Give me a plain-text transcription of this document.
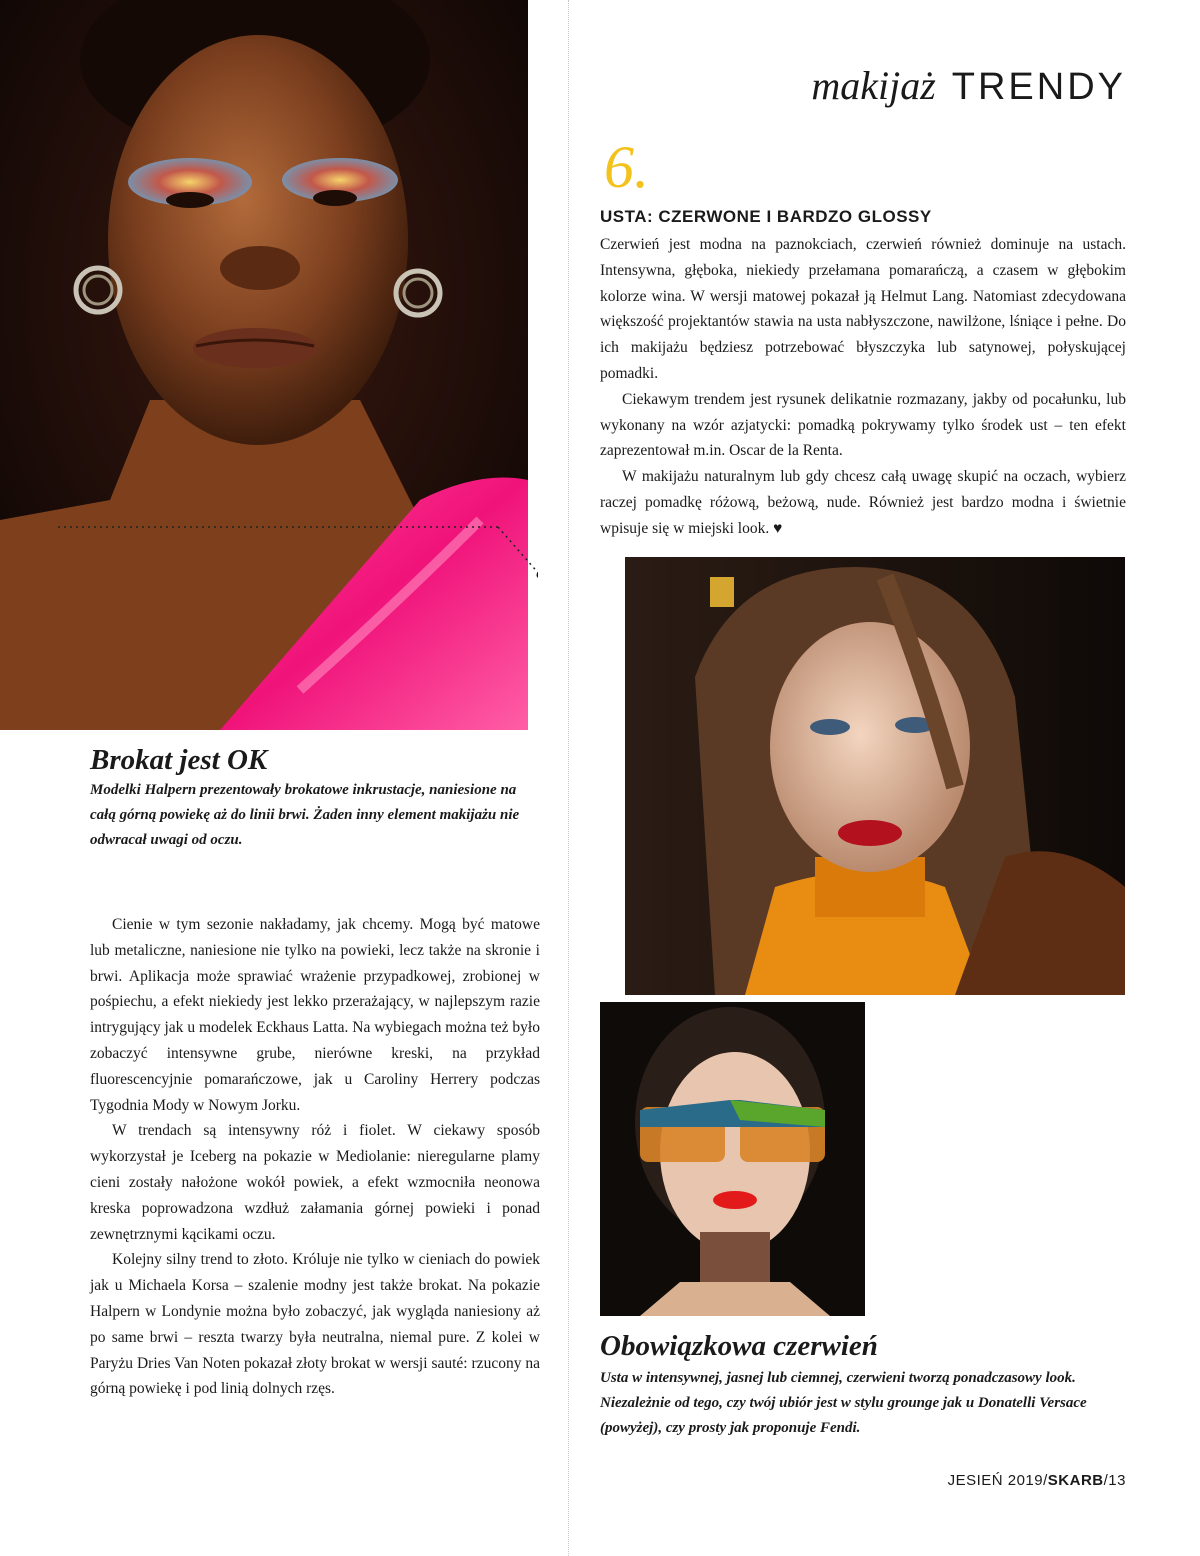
makijaż TRENDY
6.
USTA: CZERWONE I BARDZO GLOSSY

Czerwień jest modna na paznokciach, czerwień również dominuje na ustach. Intensywna, głęboka, niekiedy przełamana pomarańczą, a czasem w głębokim kolorze wina. W wersji matowej pokazał ją Helmut Lang. Natomiast zdecydowana większość projektantów stawia na usta nabłyszczone, nawilżone, lśniące i pełne. Do ich makijażu będziesz potrzebować błyszczyka lub satynowej, połyskującej pomadki.

Ciekawym trendem jest rysunek delikatnie rozmazany, jakby od pocałunku, lub wykonany na wzór azjatycki: pomadką pokrywamy tylko środek ust – ten efekt zaprezentował m.in. Oscar de la Renta.

W makijażu naturalnym lub gdy chcesz całą uwagę skupić na oczach, wybierz raczej pomadkę różową, beżową, nude. Również jest bardzo modna i świetnie wpisuje się w miejski look. ♥

Brokat jest OK
Modelki Halpern prezentowały brokatowe inkrustacje, naniesione na całą górną powiekę aż do linii brwi. Żaden inny element makijażu nie odwracał uwagi od oczu.

Cienie w tym sezonie nakładamy, jak chcemy. Mogą być matowe lub metaliczne, naniesione nie tylko na powieki, lecz także na skronie i brwi. Aplikacja może sprawiać wrażenie przypadkowej, zrobionej w pośpiechu, a efekt niekiedy jest lekko przerażający, w najlepszym razie intrygujący jak u modelek Eckhaus Latta. Na wybiegach można też było zobaczyć intensywne grube, nierówne kreski, na przykład fluorescencyjnie pomarańczowe, jak u Caroliny Herrery podczas Tygodnia Mody w Nowym Jorku.

W trendach są intensywny róż i fiolet. W ciekawy sposób wykorzystał je Iceberg na pokazie w Mediolanie: nieregularne plamy cieni zostały nałożone wokół powiek, a efekt wzmocniła neonowa kreska poprowadzona wzdłuż załamania górnej powieki i ponad zewnętrznymi kącikami oczu.

Kolejny silny trend to złoto. Króluje nie tylko w cieniach do powiek jak u Michaela Korsa – szalenie modny jest także brokat. Na pokazie Halpern w Londynie można było zobaczyć, jak wygląda naniesiony aż po same brwi – reszta twarzy była neutralna, niemal pure. Z kolei w Paryżu Dries Van Noten pokazał złoty brokat w wersji sauté: rzucony na górną powiekę i pod linią dolnych rzęs.

Obowiązkowa czerwień
Usta w intensywnej, jasnej lub ciemnej, czerwieni tworzą ponadczasowy look. Niezależnie od tego, czy twój ubiór jest w stylu grounge jak u Donatelli Versace (powyżej), czy prosty jak proponuje Fendi.
JESIEŃ 2019/SKARB/13
